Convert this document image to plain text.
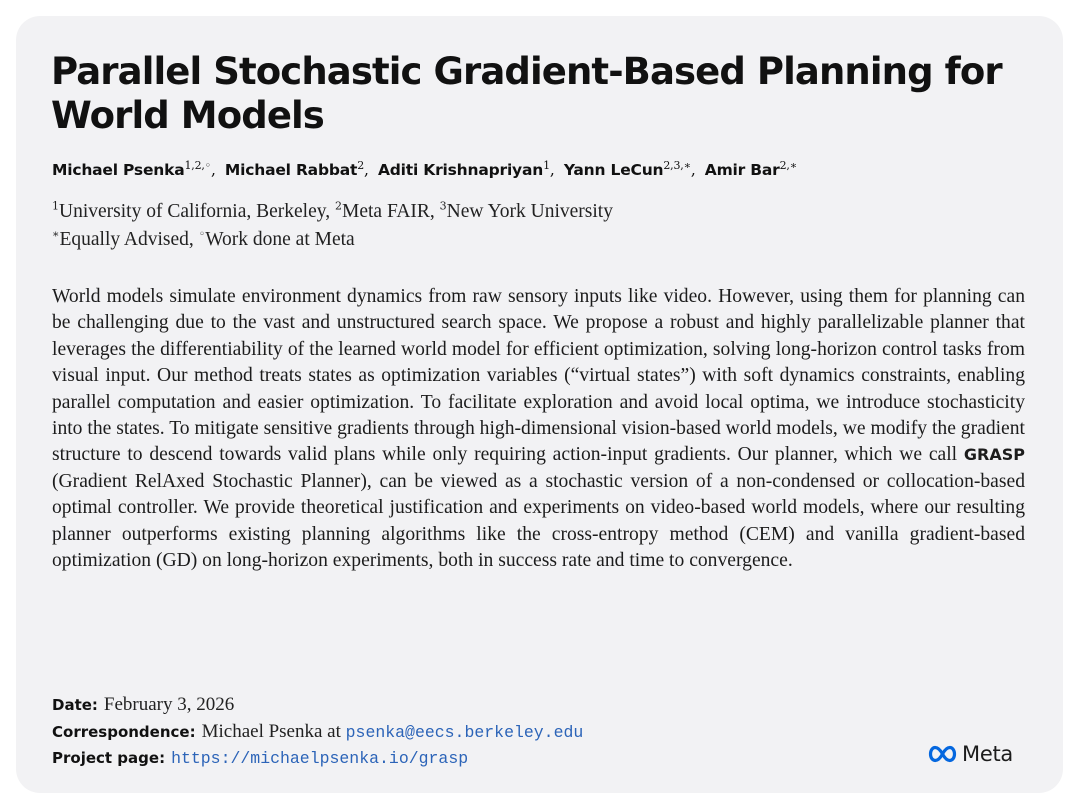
Parallel Stochastic Gradient-Based Planning for World Models
Michael Psenka$^{1,2,◦}$, Michael Rabbat$^2$, Aditi Krishnapriyan$^1$, Yann LeCun$^{2,3,∗}$, Amir Bar$^{2,∗}$
$^1$University of California, Berkeley, $^2$Meta FAIR, $^3$New York University
∗Equally Advised, ◦Work done at Meta

World models simulate environment dynamics from raw sensory inputs like video. However, using them for planning can be challenging due to the vast and unstructured search space. We propose a robust and highly parallelizable planner that leverages the differentiability of the learned world model for efficient optimization, solving long-horizon control tasks from visual input. Our method treats states as optimization variables (“virtual states”) with soft dynamics constraints, enabling parallel computation and easier optimization. To facilitate exploration and avoid local optima, we introduce stochasticity into the states. To mitigate sensitive gradients through high-dimensional vision-based world models, we modify the gradient structure to descend towards valid plans while only requiring action-input gradients. Our planner, which we call GRASP (Gradient RelAxed Stochastic Planner), can be viewed as a stochastic version of a non-condensed or collocation-based optimal controller. We provide theoretical justification and experiments on video-based world models, where our resulting planner outperforms existing planning algorithms like the cross-entropy method (CEM) and vanilla gradient-based optimization (GD) on long-horizon experiments, both in success rate and time to convergence.

Date: February 3, 2026
Correspondence: Michael Psenka at psenka@eecs.berkeley.edu
Project page: https://michaelpsenka.io/grasp	Meta
